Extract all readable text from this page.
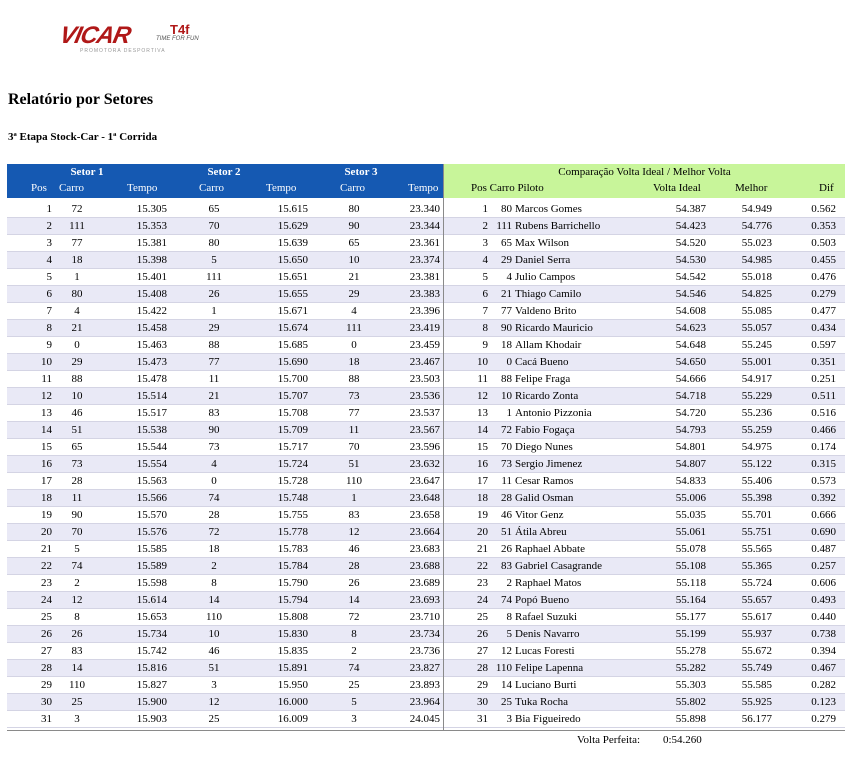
VICAR
PROMOTORA DESPORTIVA
T4f
TIME FOR FUN
Relatório por Setores
3ª Etapa Stock-Car - 1ª Corrida
Setor 1	Setor 2	Setor 3
Pos Carro	Tempo	Carro	Tempo	Carro	Tempo
Comparação Volta Ideal / Melhor Volta
Pos Carro Piloto	Volta Ideal	Melhor	Dif
1	72	15.305	65	15.615	80	23.340
2	111	15.353	70	15.629	90	23.344
3	77	15.381	80	15.639	65	23.361
4	18	15.398	5	15.650	10	23.374
5	1	15.401	111	15.651	21	23.381
6	80	15.408	26	15.655	29	23.383
7	4	15.422	1	15.671	4	23.396
8	21	15.458	29	15.674	111	23.419
9	0	15.463	88	15.685	0	23.459
10	29	15.473	77	15.690	18	23.467
11	88	15.478	11	15.700	88	23.503
12	10	15.514	21	15.707	73	23.536
13	46	15.517	83	15.708	77	23.537
14	51	15.538	90	15.709	11	23.567
15	65	15.544	73	15.717	70	23.596
16	73	15.554	4	15.724	51	23.632
17	28	15.563	0	15.728	110	23.647
18	11	15.566	74	15.748	1	23.648
19	90	15.570	28	15.755	83	23.658
20	70	15.576	72	15.778	12	23.664
21	5	15.585	18	15.783	46	23.683
22	74	15.589	2	15.784	28	23.688
23	2	15.598	8	15.790	26	23.689
24	12	15.614	14	15.794	14	23.693
25	8	15.653	110	15.808	72	23.710
26	26	15.734	10	15.830	8	23.734
27	83	15.742	46	15.835	2	23.736
28	14	15.816	51	15.891	74	23.827
29	110	15.827	3	15.950	25	23.893
30	25	15.900	12	16.000	5	23.964
31	3	15.903	25	16.009	3	24.045
1	80 Marcos Gomes	54.387	54.949	0.562
2 111 Rubens Barrichello	54.423	54.776	0.353
3	65 Max Wilson	54.520	55.023	0.503
4	29 Daniel Serra	54.530	54.985	0.455
5	4 Julio Campos	54.542	55.018	0.476
6	21 Thiago Camilo	54.546	54.825	0.279
7	77 Valdeno Brito	54.608	55.085	0.477
8	90 Ricardo Mauricio	54.623	55.057	0.434
9	18 Allam Khodair	54.648	55.245	0.597
10	0 Cacá Bueno	54.650	55.001	0.351
11	88 Felipe Fraga	54.666	54.917	0.251
12	10 Ricardo Zonta	54.718	55.229	0.511
13	1 Antonio Pizzonia	54.720	55.236	0.516
14	72 Fabio Fogaça	54.793	55.259	0.466
15	70 Diego Nunes	54.801	54.975	0.174
16	73 Sergio Jimenez	54.807	55.122	0.315
17	11 Cesar Ramos	54.833	55.406	0.573
18	28 Galid Osman	55.006	55.398	0.392
19	46 Vitor Genz	55.035	55.701	0.666
20	51 Átila Abreu	55.061	55.751	0.690
21	26 Raphael Abbate	55.078	55.565	0.487
22	83 Gabriel Casagrande	55.108	55.365	0.257
23	2 Raphael Matos	55.118	55.724	0.606
24	74 Popó Bueno	55.164	55.657	0.493
25	8 Rafael Suzuki	55.177	55.617	0.440
26	5 Denis Navarro	55.199	55.937	0.738
27	12 Lucas Foresti	55.278	55.672	0.394
28 110 Felipe Lapenna	55.282	55.749	0.467
29	14 Luciano Burti	55.303	55.585	0.282
30	25 Tuka Rocha	55.802	55.925	0.123
31	3 Bia Figueiredo	55.898	56.177	0.279
Volta Perfeita: 0:54.260
